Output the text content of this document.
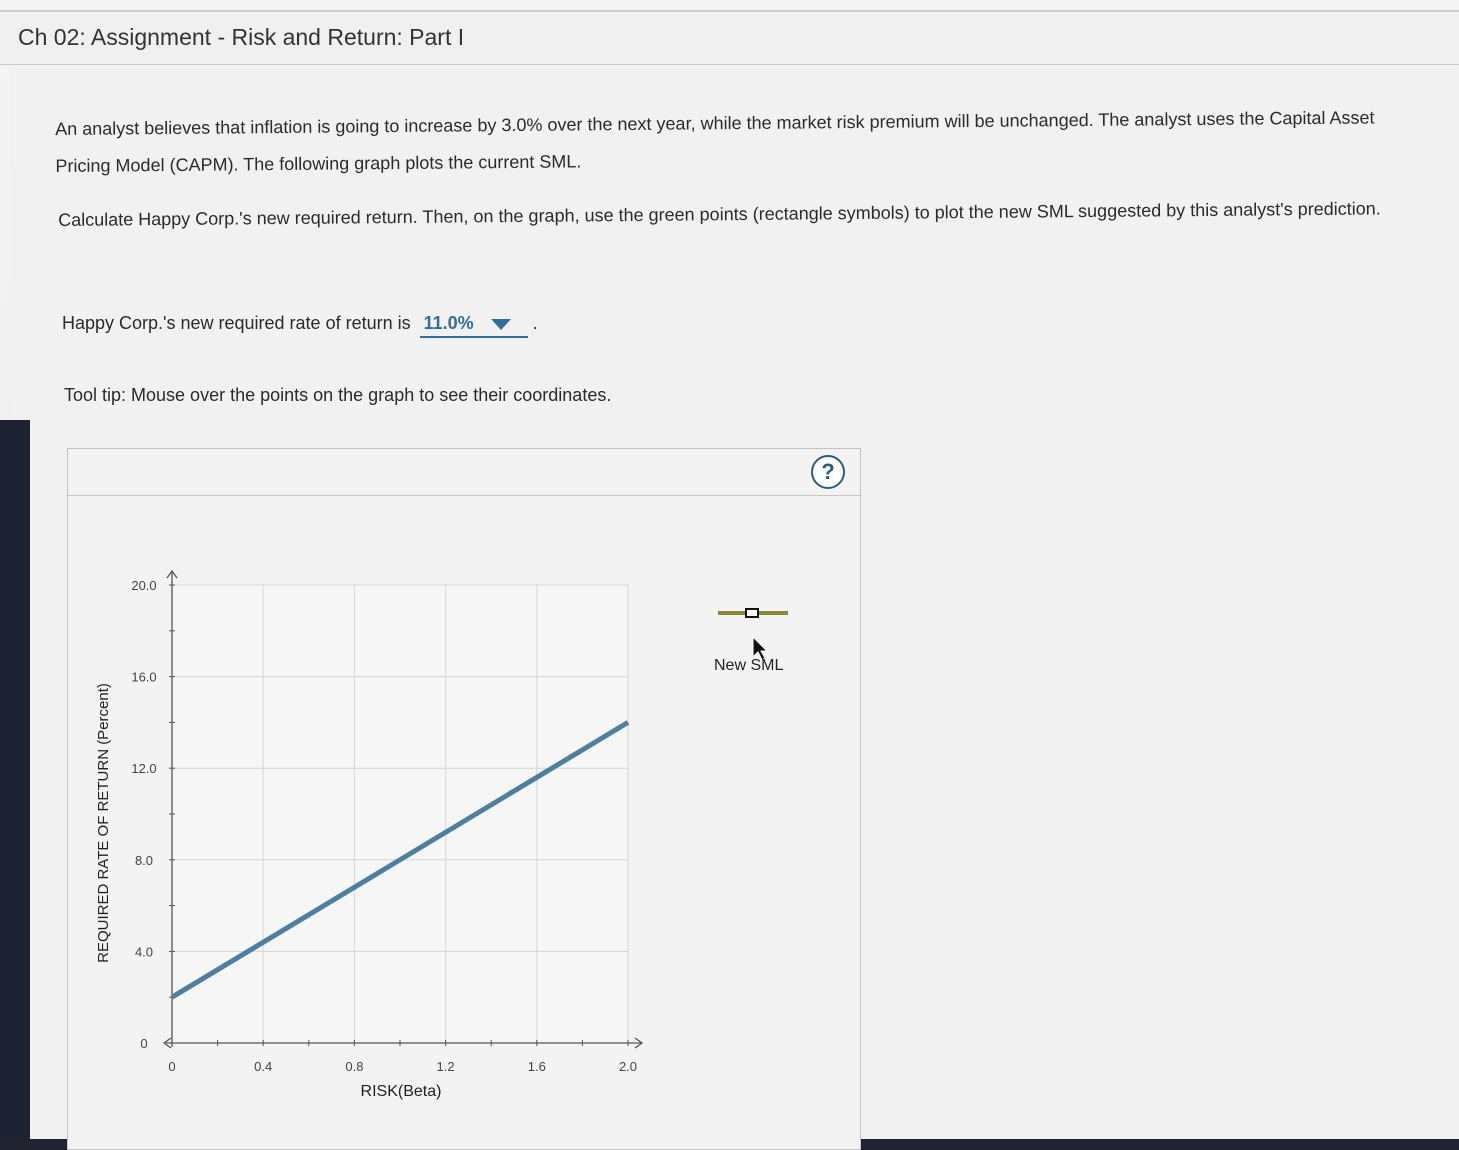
Ch 02: Assignment - Risk and Return: Part I
An analyst believes that inflation is going to increase by 3.0% over the next year, while the market risk premium will be unchanged. The analyst uses the Capital Asset Pricing Model (CAPM). The following graph plots the current SML.
Calculate Happy Corp.'s new required return. Then, on the graph, use the green points (rectangle symbols) to plot the new SML suggested by this analyst's prediction.
Happy Corp.'s new required rate of return is 11.0%	.
Tool tip: Mouse over the points on the graph to see their coordinates.
?
0	0.4	0.8	1.2	1.6	2.0
0
4.0
8.0
12.0
16.0
20.0
REQUIRED RATE OF RETURN (Percent)
RISK(Beta)
New SML
